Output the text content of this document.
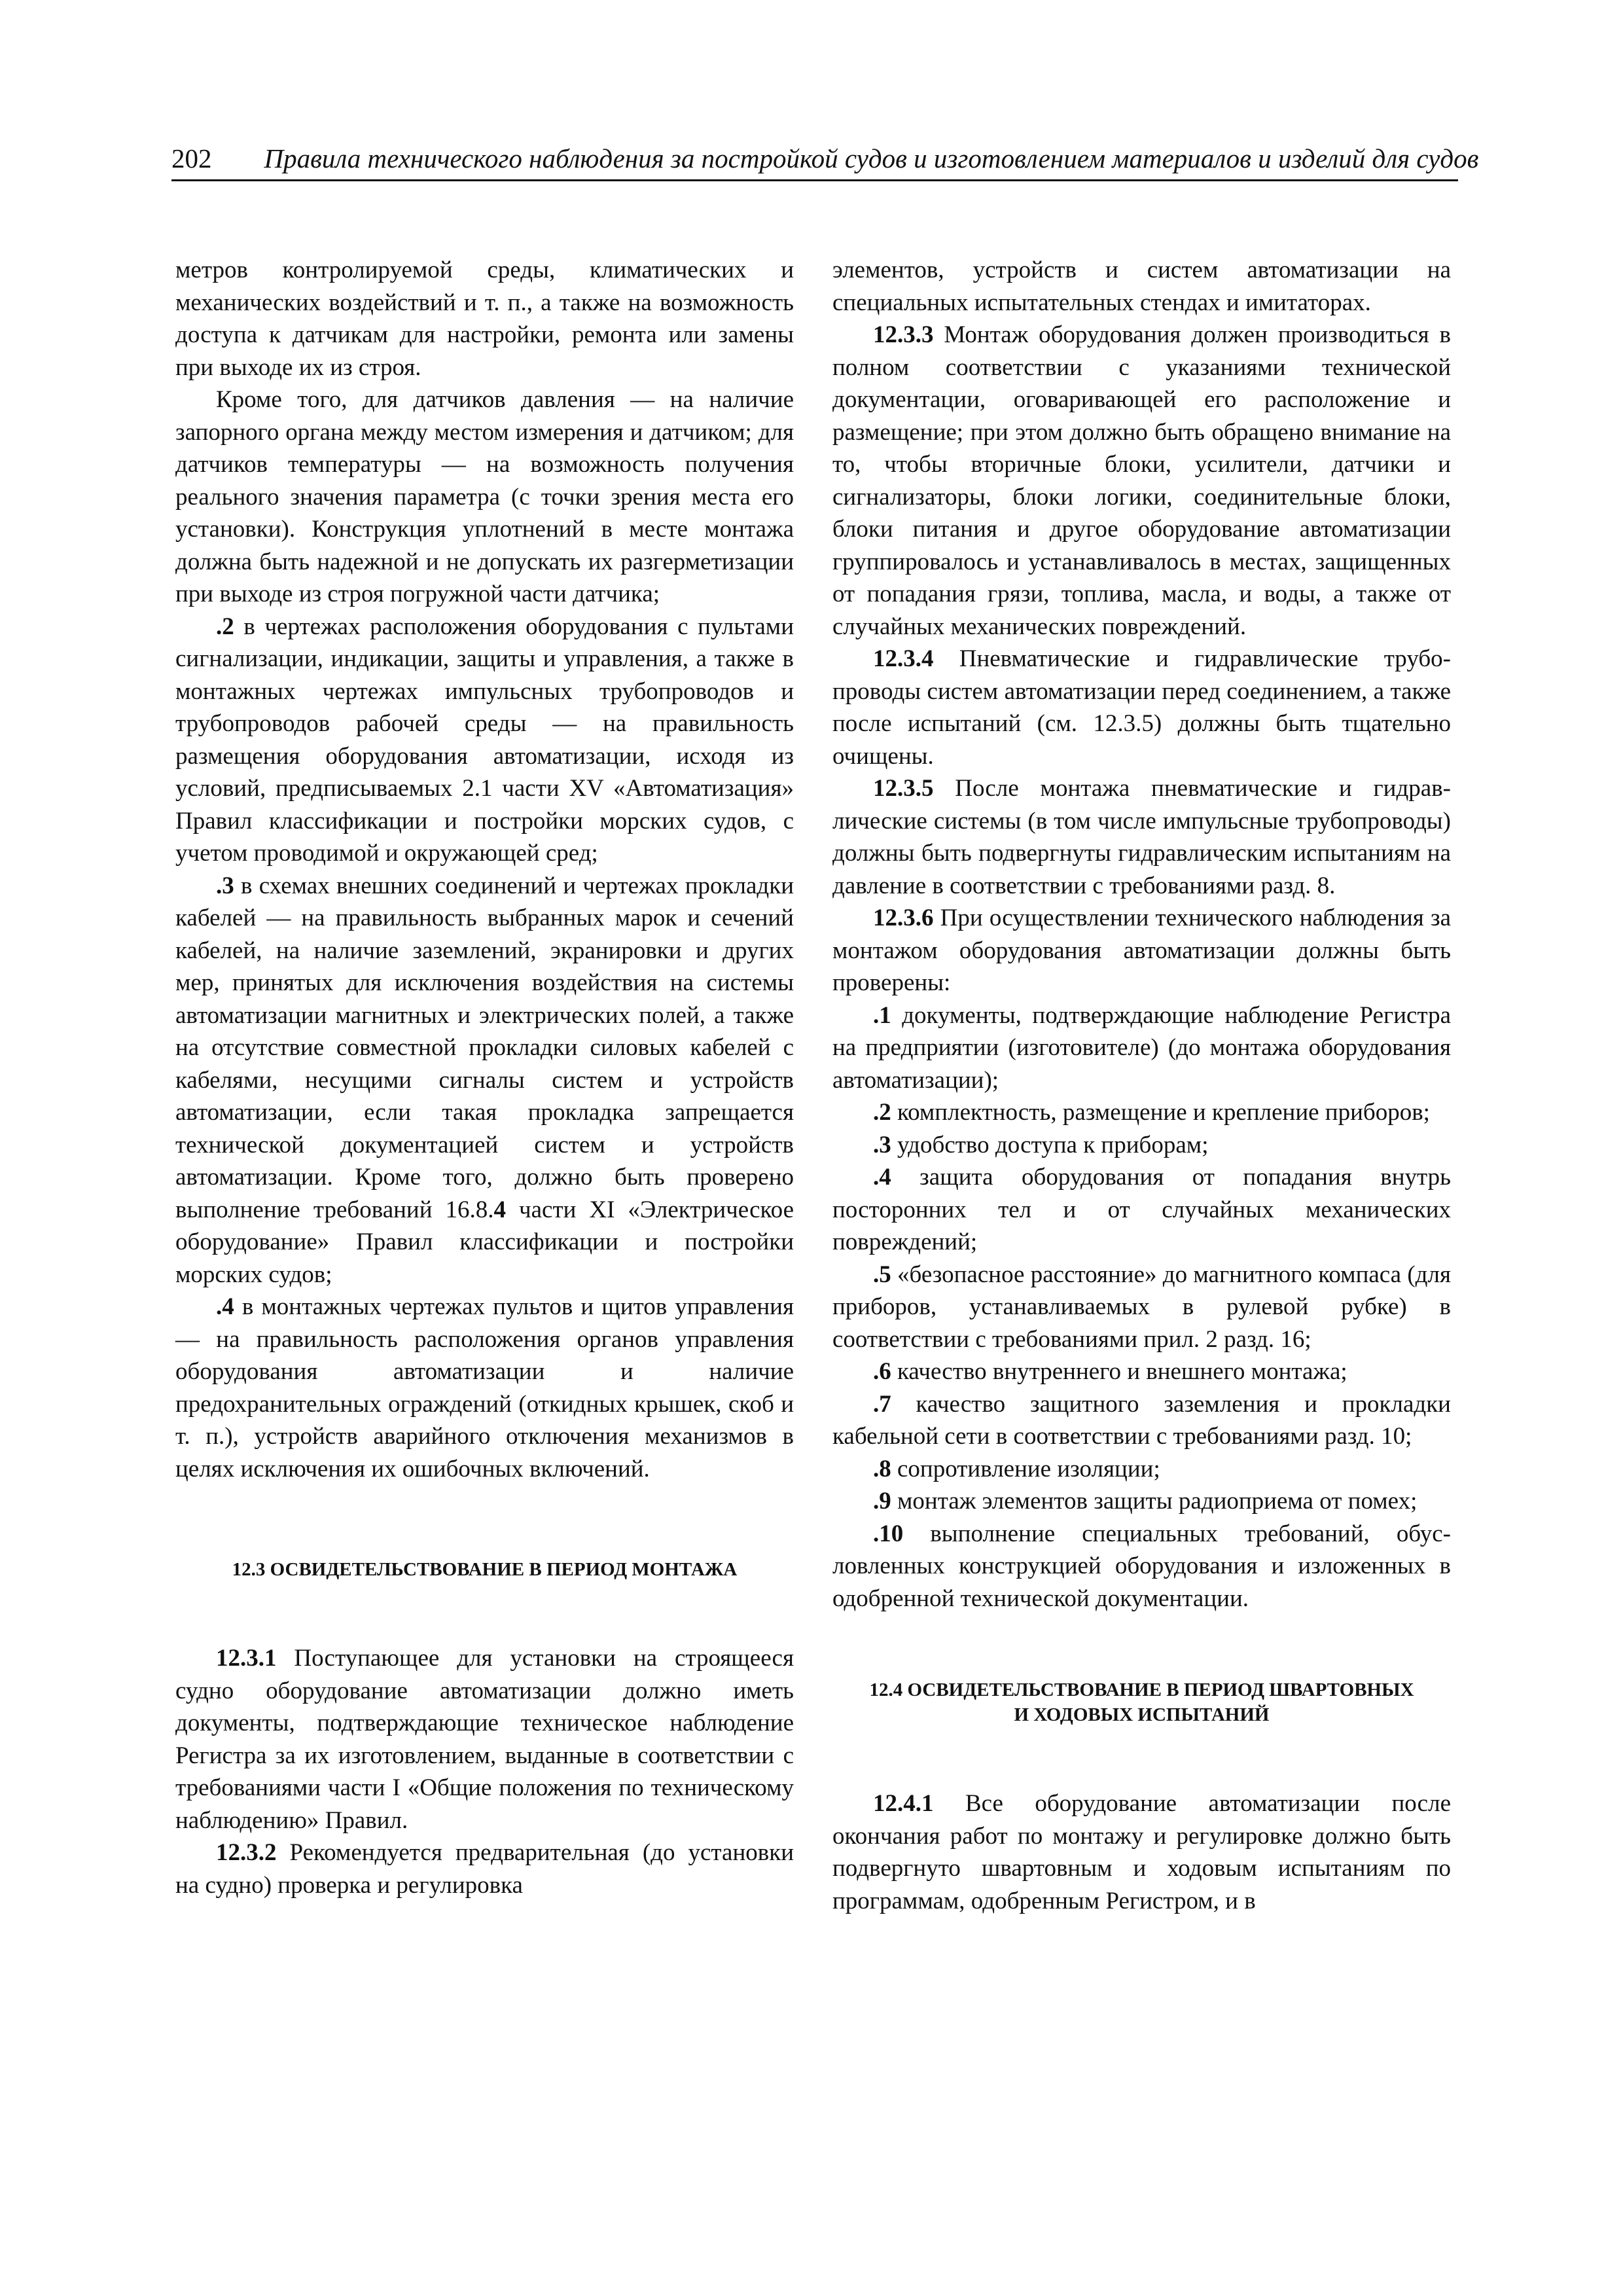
202 Правила технического наблюдения за постройкой судов и изготовлением материалов и изделий для судов

метров контролируемой среды, климатических и механических воздействий и т. п., а также на возможность доступа к датчикам для настройки, ремонта или замены при выходе их из строя.

Кроме того, для датчиков давления — на наличие запорного органа между местом измерения и датчиком; для датчиков температуры — на возможность получения реального значения параметра (с точки зрения места его установки). Конструкция уплотнений в месте монтажа должна быть надежной и не допускать их разгерметизации при выходе из строя погружной части датчика;

.2 в чертежах расположения оборудования с пультами сигнализации, индикации, защиты и управления, а также в монтажных чертежах импульсных трубопроводов и трубопроводов рабочей среды — на правильность размещения оборудования автоматизации, исходя из условий, предписываемых 2.1 части XV «Автоматизация» Правил классификации и постройки морских судов, с учетом проводимой и окружающей сред;

.3 в схемах внешних соединений и чертежах прокладки кабелей — на правильность выбранных марок и сечений кабелей, на наличие заземлений, экранировки и других мер, принятых для исключения воздействия на системы автоматизации магнитных и электрических полей, а также на отсутствие совместной прокладки силовых кабелей с кабелями, несущими сигналы систем и устройств автоматизации, если такая прокладка запрещается технической документацией систем и устройств автоматизации. Кроме того, должно быть проверено выполнение требований 16.8.4 части XI «Электрическое оборудование» Правил классификации и постройки морских судов;

.4 в монтажных чертежах пультов и щитов управления — на правильность расположения органов управления оборудования автоматизации и наличие предохранительных ограждений (откидных крышек, скоб и т. п.), устройств аварийного отключения механизмов в целях исключения их ошибочных включений.

12.3 ОСВИДЕТЕЛЬСТВОВАНИЕ В ПЕРИОД МОНТАЖА

12.3.1 Поступающее для установки на строящееся судно оборудование автоматизации должно иметь документы, подтверждающие техническое наблюдение Регистра за их изготовлением, выданные в соответствии с требованиями части I «Общие положения по техническому наблюдению» Правил.

12.3.2 Рекомендуется предварительная (до установки на судно) проверка и регулировка

элементов, устройств и систем автоматизации на специальных испытательных стендах и имитаторах.

12.3.3 Монтаж оборудования должен производиться в полном соответствии с указаниями технической документации, оговаривающей его расположение и размещение; при этом должно быть обращено внимание на то, чтобы вторичные блоки, усилители, датчики и сигнализаторы, блоки логики, соединительные блоки, блоки питания и другое оборудование автоматизации группировалось и устанавливалось в местах, защищенных от попадания грязи, топлива, масла, и воды, а также от случайных механических повреждений.

12.3.4 Пневматические и гидравлические трубопроводы систем автоматизации перед соединением, а также после испытаний (см. 12.3.5) должны быть тщательно очищены.

12.3.5 После монтажа пневматические и гидравлические системы (в том числе импульсные трубопроводы) должны быть подвергнуты гидравлическим испытаниям на давление в соответствии с требованиями разд. 8.

12.3.6 При осуществлении технического наблюдения за монтажом оборудования автоматизации должны быть проверены:

.1 документы, подтверждающие наблюдение Регистра на предприятии (изготовителе) (до монтажа оборудования автоматизации);

.2 комплектность, размещение и крепление приборов;

.3 удобство доступа к приборам;

.4 защита оборудования от попадания внутрь посторонних тел и от случайных механических повреждений;

.5 «безопасное расстояние» до магнитного компаса (для приборов, устанавливаемых в рулевой рубке) в соответствии с требованиями прил. 2 разд. 16;

.6 качество внутреннего и внешнего монтажа;

.7 качество защитного заземления и прокладки кабельной сети в соответствии с требованиями разд. 10;

.8 сопротивление изоляции;

.9 монтаж элементов защиты радиоприема от помех;

.10 выполнение специальных требований, обусловленных конструкцией оборудования и изложенных в одобренной технической документации.

12.4 ОСВИДЕТЕЛЬСТВОВАНИЕ В ПЕРИОД ШВАРТОВНЫХ
И ХОДОВЫХ ИСПЫТАНИЙ

12.4.1 Все оборудование автоматизации после окончания работ по монтажу и регулировке должно быть подвергнуто швартовным и ходовым испытаниям по программам, одобренным Регистром, и в
